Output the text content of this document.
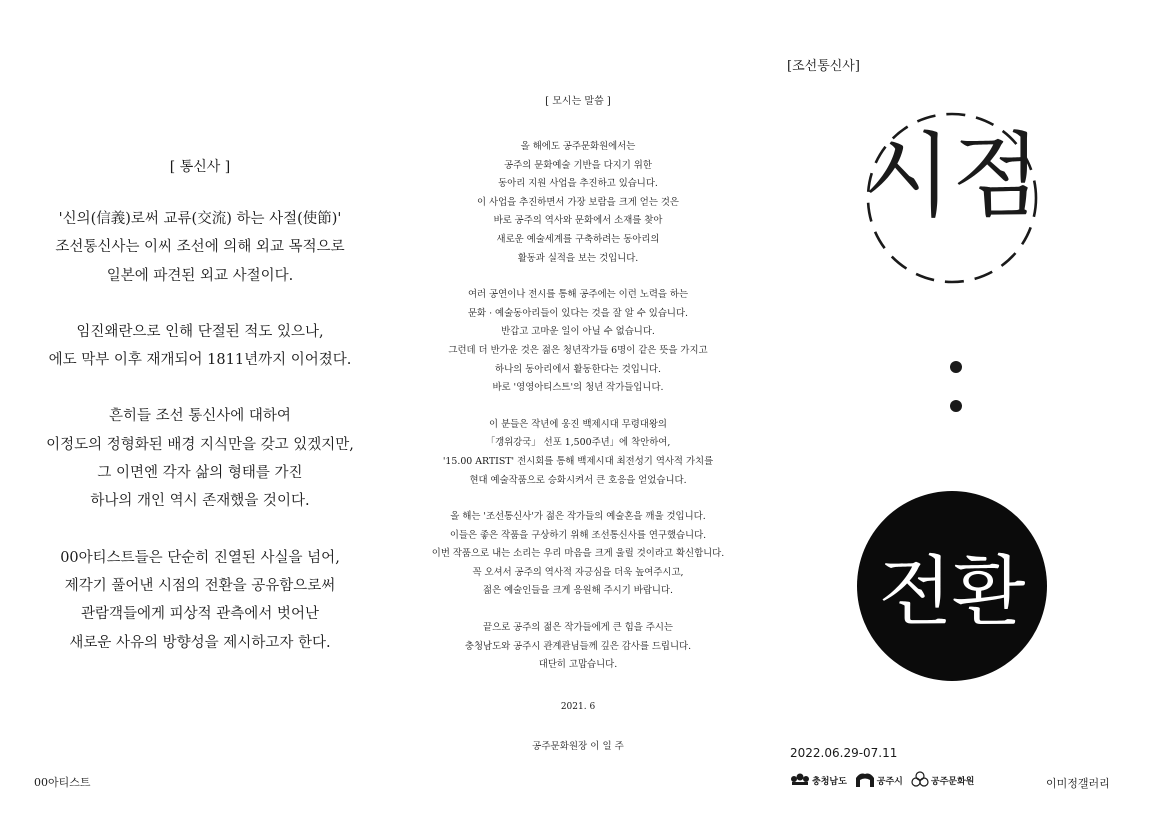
[ 통신사 ]
'신의(信義)로써 교류(交流) 하는 사절(使節)'
조선통신사는 이씨 조선에 의해 외교 목적으로
일본에 파견된 외교 사절이다.
임진왜란으로 인해 단절된 적도 있으나,
에도 막부 이후 재개되어 1811년까지 이어졌다.
흔히들 조선 통신사에 대하여
이정도의 정형화된 배경 지식만을 갖고 있겠지만,
그 이면엔 각자 삶의 형태를 가진
하나의 개인 역시 존재했을 것이다.
00아티스트들은 단순히 진열된 사실을 넘어,
제각기 풀어낸 시점의 전환을 공유함으로써
관람객들에게 피상적 관측에서 벗어난
새로운 사유의 방향성을 제시하고자 한다.
00아티스트
[ 모시는 말씀 ]
올 해에도 공주문화원에서는
공주의 문화예술 기반을 다지기 위한
동아리 지원 사업을 추진하고 있습니다.
이 사업을 추진하면서 가장 보람을 크게 얻는 것은
바로 공주의 역사와 문화에서 소재를 찾아
새로운 예술세계를 구축하려는 동아리의
활동과 실적을 보는 것입니다.
여러 공연이나 전시를 통해 공주에는 이런 노력을 하는
문화 · 예술동아리들이 있다는 것을 잘 알 수 있습니다.
반갑고 고마운 일이 아닐 수 없습니다.
그런데 더 반가운 것은 젊은 청년작가들 6명이 같은 뜻을 가지고
하나의 동아리에서 활동한다는 것입니다.
바로 '영영아티스트'의 청년 작가들입니다.
이 분들은 작년에 웅진 백제시대 무령대왕의
「갱위강국」 선포 1,500주년」에 착안하여,
'15.00 ARTIST' 전시회를 통해 백제시대 최전성기 역사적 가치를
현대 예술작품으로 승화시켜서 큰 호응을 얻었습니다.
올 해는 '조선통신사'가 젊은 작가들의 예술혼을 깨울 것입니다.
이들은 좋은 작품을 구상하기 위해 조선통신사를 연구했습니다.
이번 작품으로 내는 소리는 우리 마음을 크게 울릴 것이라고 확신합니다.
꼭 오셔서 공주의 역사적 자긍심을 더욱 높여주시고,
젊은 예술인들을 크게 응원해 주시기 바랍니다.
끝으로 공주의 젊은 작가들에게 큰 힘을 주시는
충청남도와 공주시 관계관님들께 깊은 감사를 드립니다.
대단히 고맙습니다.
2021. 6
공주문화원장 이 일 주
[조선통신사]
시점
전환
2022.06.29-07.11
충청남도	공주시	공주문화원	이미정갤러리
